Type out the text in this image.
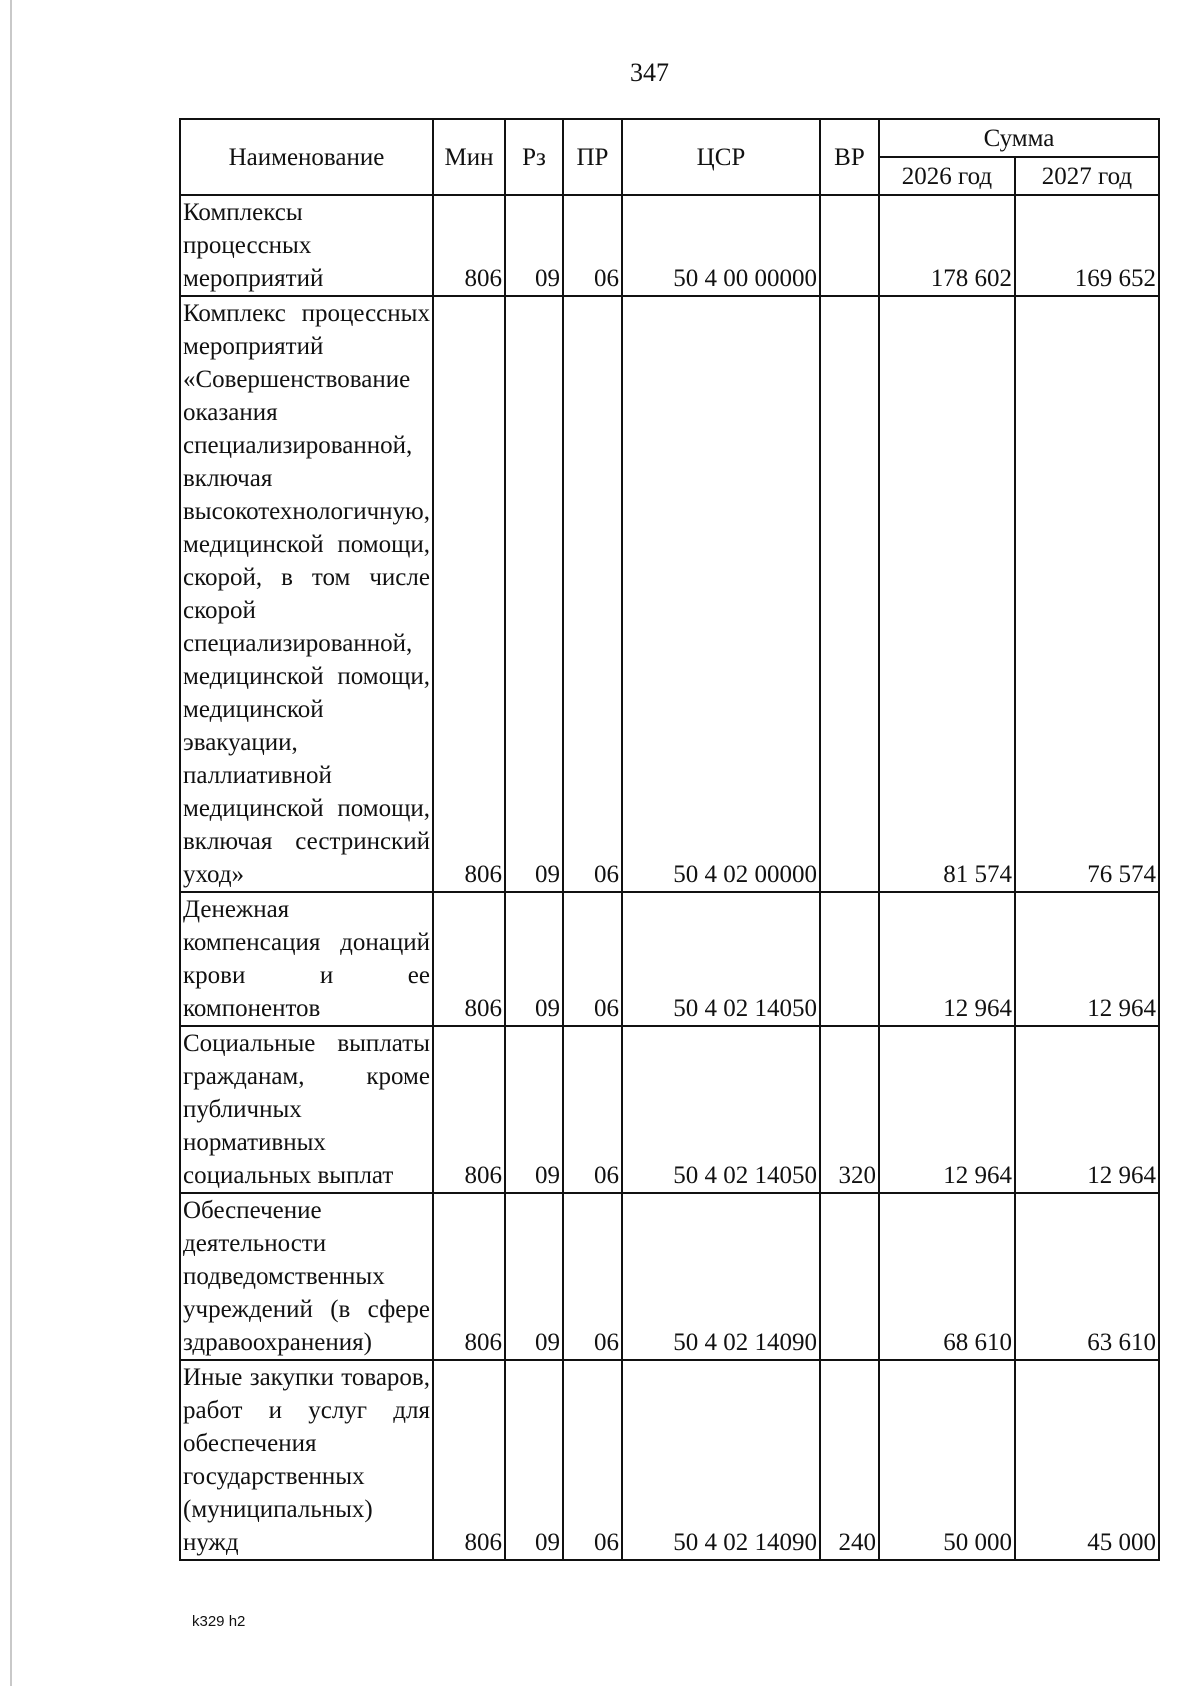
347
Наименование	Мин	Рз	ПР	ЦСР	ВР	Сумма	
						2026 год	2027 год
Комплексы процессных мероприятий	806	09	06	50 4 00 00000		178 602	169 652
Комплекс процессных мероприятий «Совершенствование оказания специализированной, включая высокотехнологичную, медицинской помощи, скорой, в том числе скорой специализированной, медицинской помощи, медицинской эвакуации, паллиативной медицинской помощи, включая сестринский уход»	806	09	06	50 4 02 00000		81 574	76 574
Денежная компенсация донаций крови и ее компонентов	806	09	06	50 4 02 14050		12 964	12 964
Социальные выплаты гражданам, кроме публичных нормативных социальных выплат	806	09	06	50 4 02 14050	320	12 964	12 964
Обеспечение деятельности подведомственных учреждений (в сфере здравоохранения)	806	09	06	50 4 02 14090		68 610	63 610
Иные закупки товаров, работ и услуг для обеспечения государственных (муниципальных) нужд	806	09	06	50 4 02 14090	240	50 000	45 000
k329 h2
